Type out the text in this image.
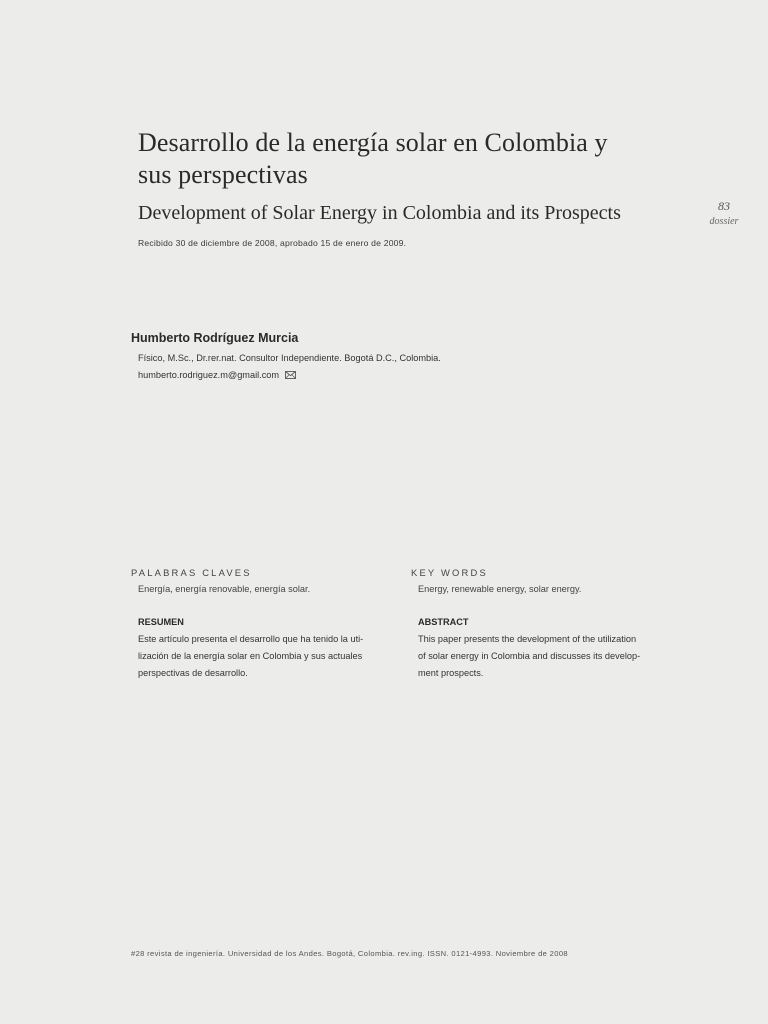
Desarrollo de la energía solar en Colombia y
sus perspectivas
Development of Solar Energy in Colombia and its Prospects	83
dossier
Recibido 30 de diciembre de 2008, aprobado 15 de enero de 2009.
Humberto Rodríguez Murcia
Físico, M.Sc., Dr.rer.nat. Consultor Independiente. Bogotá D.C., Colombia.
humberto.rodriguez.m@gmail.com
PALABRAS CLAVES
Energía, energía renovable, energía solar.
RESUMEN
Este artículo presenta el desarrollo que ha tenido la uti-
lización de la energía solar en Colombia y sus actuales
perspectivas de desarrollo.
KEY WORDS
Energy, renewable energy, solar energy.
ABSTRACT
This paper presents the development of the utilization
of solar energy in Colombia and discusses its develop-
ment prospects.
#28 revista de ingeniería. Universidad de los Andes. Bogotá, Colombia. rev.ing. ISSN. 0121-4993. Noviembre de 2008
